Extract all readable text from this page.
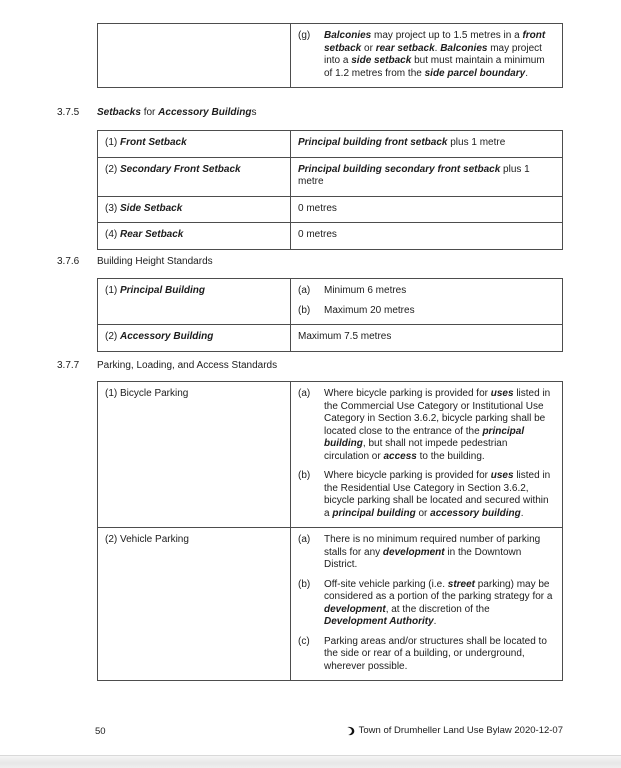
(g)	Balconies may project up to 1.5 metres in a front setback or rear setback. Balconies may project into a side setback but must maintain a minimum of 1.2 metres from the side parcel boundary.
3.7.5 Setbacks for Accessory Buildings
(1) Front Setback	Principal building front setback plus 1 metre
(2) Secondary Front Setback	Principal building secondary front setback plus 1 metre
(3) Side Setback	0 metres
(4) Rear Setback	0 metres
3.7.6 Building Height Standards
(1) Principal Building	(a)	Minimum 6 metres
(b)	Maximum 20 metres
(2) Accessory Building	Maximum 7.5 metres
3.7.7 Parking, Loading, and Access Standards
(1) Bicycle Parking	(a)	Where bicycle parking is provided for uses listed in the Commercial Use Category or Institutional Use Category in Section 3.6.2, bicycle parking shall be located close to the entrance of the principal building, but shall not impede pedestrian circulation or access to the building.
(b)	Where bicycle parking is provided for uses listed in the Residential Use Category in Section 3.6.2, bicycle parking shall be located and secured within a principal building or accessory building.
(2) Vehicle Parking	(a)	There is no minimum required number of parking stalls for any development in the Downtown District.
(b)	Off-site vehicle parking (i.e. street parking) may be considered as a portion of the parking strategy for a development, at the discretion of the Development Authority.
(c)	Parking areas and/or structures shall be located to the side or rear of a building, or underground, wherever possible.
50	Town of Drumheller Land Use Bylaw 2020-12-07
